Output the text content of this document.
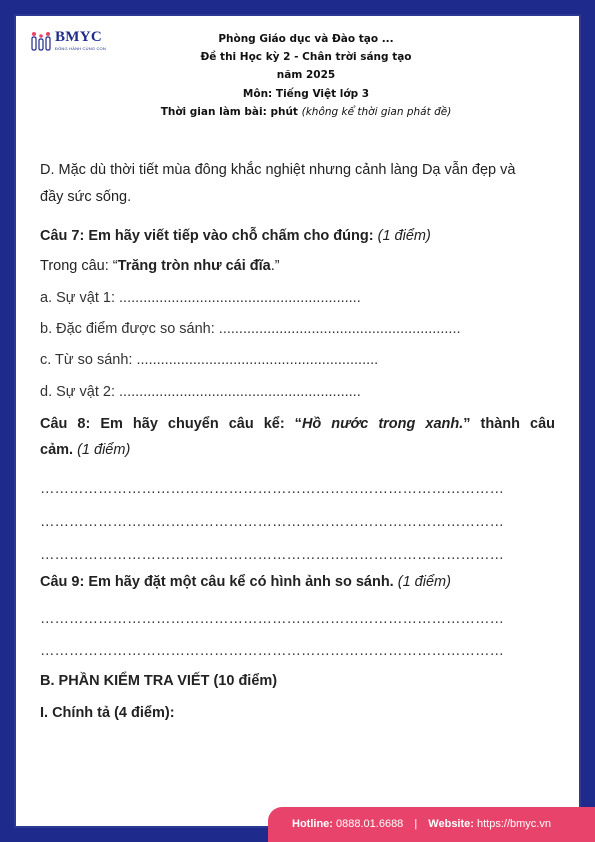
BMYC
ĐỒNG HÀNH CÙNG CON
Phòng Giáo dục và Đào tạo ...
Đề thi Học kỳ 2 - Chân trời sáng tạo
năm 2025
Môn: Tiếng Việt lớp 3
Thời gian làm bài: phút (không kể thời gian phát đề)
D. Mặc dù thời tiết mùa đông khắc nghiệt nhưng cảnh làng Dạ vẫn đẹp và
đầy sức sống.
Câu 7: Em hãy viết tiếp vào chỗ chấm cho đúng: (1 điểm)
Trong câu: “Trăng tròn như cái đĩa.”
a. Sự vật 1: ............................................................
b. Đặc điểm được so sánh: ............................................................
c. Từ so sánh: ............................................................
d. Sự vật 2: ............................................................
Câu 8: Em hãy chuyển câu kể: “Hồ nước trong xanh.” thành câu
cảm. (1 điểm)
……………………………………………………………………………………
……………………………………………………………………………………
……………………………………………………………………………………
Câu 9: Em hãy đặt một câu kể có hình ảnh so sánh. (1 điểm)
……………………………………………………………………………………
……………………………………………………………………………………
B. PHẦN KIỂM TRA VIẾT (10 điểm)
I. Chính tả (4 điểm):
Hotline: 0888.01.6688 | Website: https://bmyc.vn
